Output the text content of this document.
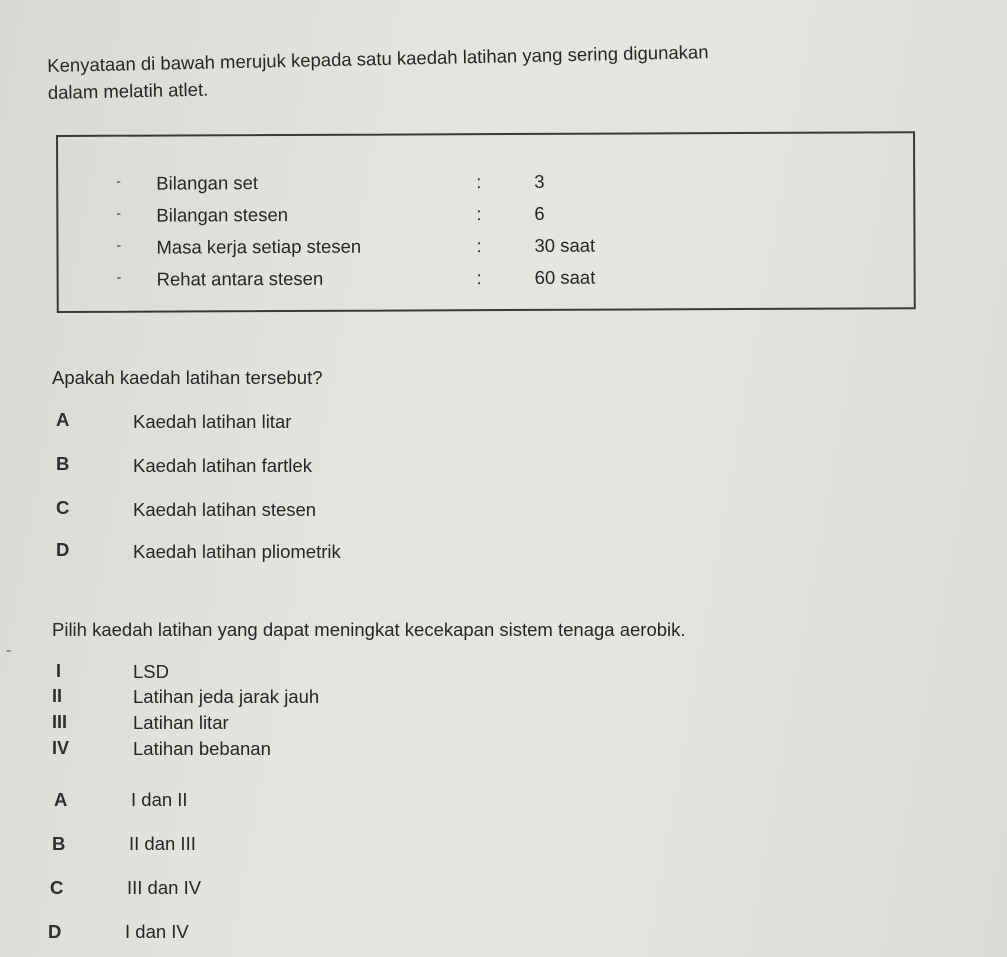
Kenyataan di bawah merujuk kepada satu kaedah latihan yang sering digunakan
dalam melatih atlet.
- Bilangan set	:	3
- Bilangan stesen	:	6
- Masa kerja setiap stesen	:	30 saat
- Rehat antara stesen	:	60 saat
Apakah kaedah latihan tersebut?
A	Kaedah latihan litar
B	Kaedah latihan fartlek
C	Kaedah latihan stesen
D	Kaedah latihan pliometrik
-
Pilih kaedah latihan yang dapat meningkat kecekapan sistem tenaga aerobik.
I	LSD
II	Latihan jeda jarak jauh
III	Latihan litar
IV	Latihan bebanan
A	I dan II
B	II dan III
C	III dan IV
D	I dan IV
